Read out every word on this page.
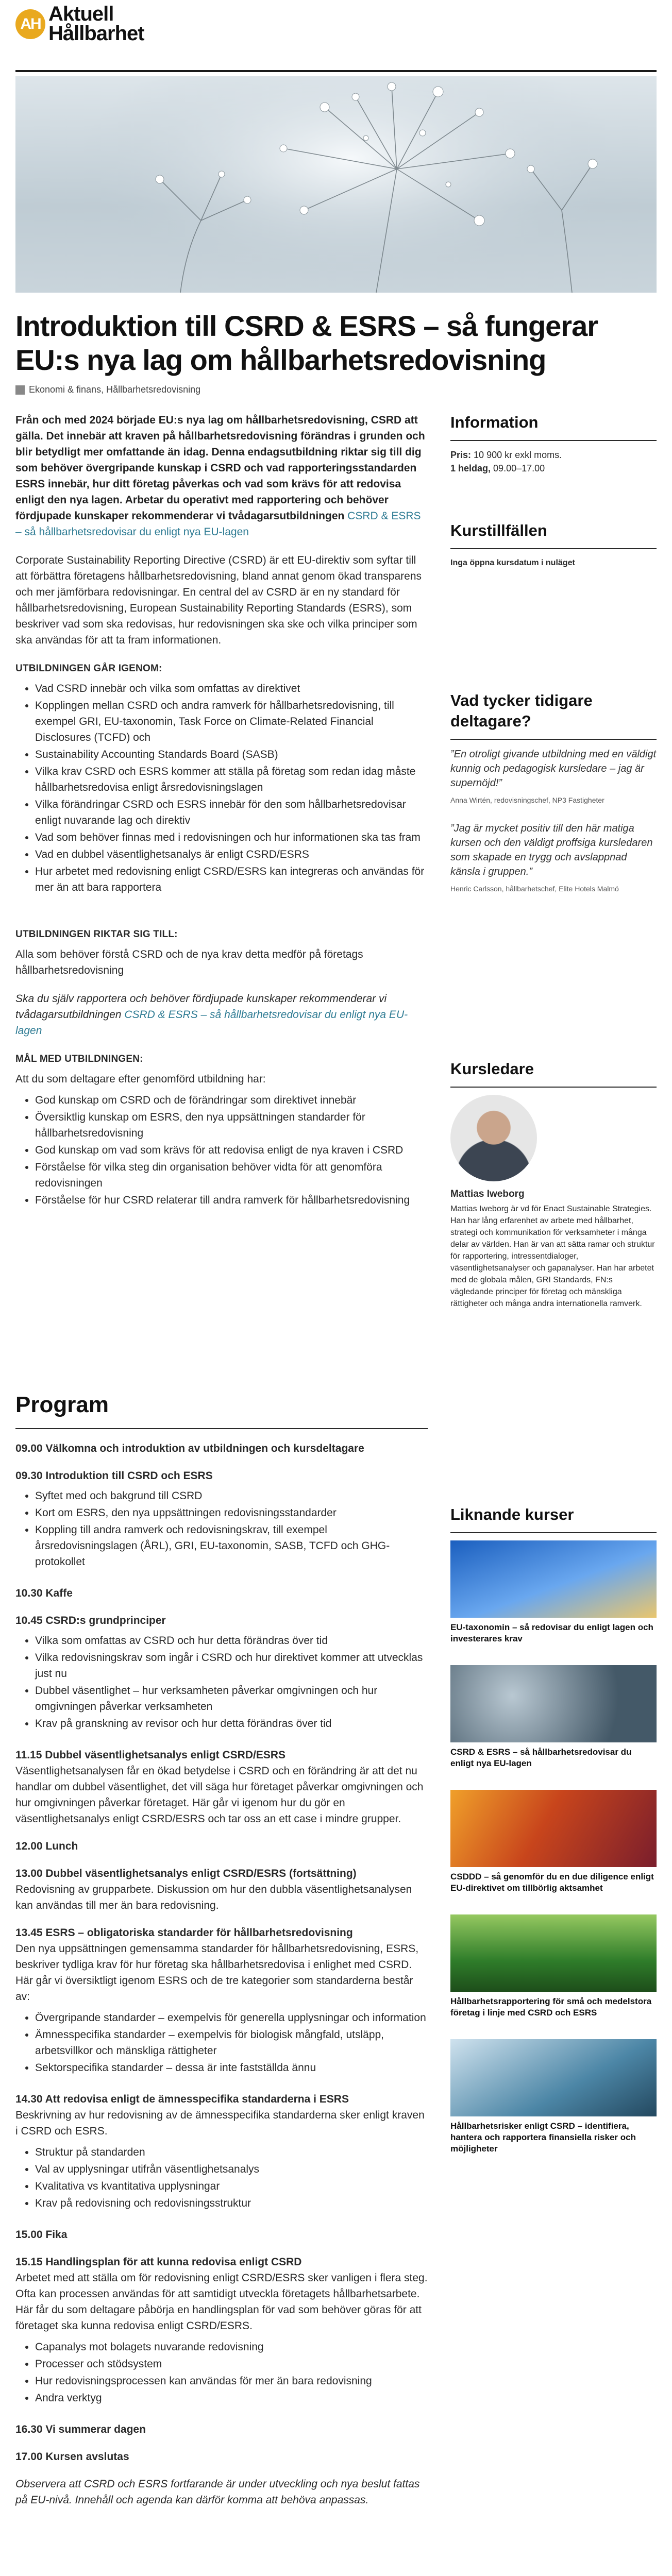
AH Aktuell
Hållbarhet
Introduktion till CSRD & ESRS – så fungerar EU:s nya lag om hållbarhetsredovisning
Ekonomi & finans, Hållbarhetsredovisning

Från och med 2024 började EU:s nya lag om hållbarhetsredovisning, CSRD att gälla. Det innebär att kraven på hållbarhetsredovisning förändras i grunden och blir betydligt mer omfattande än idag. Denna endagsutbildning riktar sig till dig som behöver övergripande kunskap i CSRD och vad rapporteringsstandarden ESRS innebär, hur ditt företag påverkas och vad som krävs för att redovisa enligt den nya lagen. Arbetar du operativt med rapportering och behöver fördjupade kunskaper rekommenderar vi tvådagarsutbildningen CSRD & ESRS – så hållbarhetsredovisar du enligt nya EU-lagen

Corporate Sustainability Reporting Directive (CSRD) är ett EU-direktiv som syftar till att förbättra företagens hållbarhetsredovisning, bland annat genom ökad transparens och mer jämförbara redovisningar. En central del av CSRD är en ny standard för hållbarhetsredovisning, European Sustainability Reporting Standards (ESRS), som beskriver vad som ska redovisas, hur redovisningen ska ske och vilka principer som ska användas för att ta fram informationen.

UTBILDNINGEN GÅR IGENOM:
• Vad CSRD innebär och vilka som omfattas av direktivet
• Kopplingen mellan CSRD och andra ramverk för hållbarhetsredovisning, till exempel GRI, EU-taxonomin, Task Force on Climate-Related Financial Disclosures (TCFD) och
• Sustainability Accounting Standards Board (SASB)
• Vilka krav CSRD och ESRS kommer att ställa på företag som redan idag måste hållbarhetsredovisa enligt årsredovisningslagen
• Vilka förändringar CSRD och ESRS innebär för den som hållbarhetsredovisar enligt nuvarande lag och direktiv
• Vad som behöver finnas med i redovisningen och hur informationen ska tas fram
• Vad en dubbel väsentlighetsanalys är enligt CSRD/ESRS
• Hur arbetet med redovisning enligt CSRD/ESRS kan integreras och användas för mer än att bara rapportera
UTBILDNINGEN RIKTAR SIG TILL:

Alla som behöver förstå CSRD och de nya krav detta medför på företags hållbarhetsredovisning

Ska du själv rapportera och behöver fördjupade kunskaper rekommenderar vi tvådagarsutbildningen CSRD & ESRS – så hållbarhetsredovisar du enligt nya EU-lagen

MÅL MED UTBILDNINGEN:

Att du som deltagare efter genomförd utbildning har:

• God kunskap om CSRD och de förändringar som direktivet innebär
• Översiktlig kunskap om ESRS, den nya uppsättningen standarder för hållbarhetsredovisning
• God kunskap om vad som krävs för att redovisa enligt de nya kraven i CSRD
• Förståelse för vilka steg din organisation behöver vidta för att genomföra redovisningen
• Förståelse för hur CSRD relaterar till andra ramverk för hållbarhetsredovisning
Information
Pris: 10 900 kr exkl moms.
1 heldag, 09.00–17.00
Kurstillfällen
Inga öppna kursdatum i nuläget
Vad tycker tidigare deltagare?
”En otroligt givande utbildning med en väldigt kunnig och pedagogisk kursledare – jag är supernöjd!”
Anna Wirtén, redovisningschef, NP3 Fastigheter
”Jag är mycket positiv till den här matiga kursen och den väldigt proffsiga kursledaren som skapade en trygg och avslappnad känsla i gruppen.”
Henric Carlsson, hållbarhetschef, Elite Hotels Malmö
Kursledare
Mattias Iweborg
Mattias Iweborg är vd för Enact Sustainable Strategies. Han har lång erfarenhet av arbete med hållbarhet, strategi och kommunikation för verksamheter i många delar av världen. Han är van att sätta ramar och struktur för rapportering, intressentdialoger, väsentlighetsanalyser och gapanalyser. Han har arbetet med de globala målen, GRI Standards, FN:s vägledande principer för företag och mänskliga rättigheter och många andra internationella ramverk.
Program
09.00 Välkomna och introduktion av utbildningen och kursdeltagare
09.30 Introduktion till CSRD och ESRS
• Syftet med och bakgrund till CSRD
• Kort om ESRS, den nya uppsättningen redovisningsstandarder
• Koppling till andra ramverk och redovisningskrav, till exempel årsredovisningslagen (ÅRL), GRI, EU-taxonomin, SASB, TCFD och GHG-protokollet
10.30 Kaffe
10.45 CSRD:s grundprinciper
• Vilka som omfattas av CSRD och hur detta förändras över tid
• Vilka redovisningskrav som ingår i CSRD och hur direktivet kommer att utvecklas just nu
• Dubbel väsentlighet – hur verksamheten påverkar omgivningen och hur omgivningen påverkar verksamheten
• Krav på granskning av revisor och hur detta förändras över tid
11.15 Dubbel väsentlighetsanalys enligt CSRD/ESRS

Väsentlighetsanalysen får en ökad betydelse i CSRD och en förändring är att det nu handlar om dubbel väsentlighet, det vill säga hur företaget påverkar omgivningen och hur omgivningen påverkar företaget. Här går vi igenom hur du gör en väsentlighetsanalys enligt CSRD/ESRS och tar oss an ett case i mindre grupper.

12.00 Lunch
13.00 Dubbel väsentlighetsanalys enligt CSRD/ESRS (fortsättning)

Redovisning av grupparbete. Diskussion om hur den dubbla väsentlighetsanalysen kan användas till mer än bara redovisning.

13.45 ESRS – obligatoriska standarder för hållbarhetsredovisning

Den nya uppsättningen gemensamma standarder för hållbarhetsredovisning, ESRS, beskriver tydliga krav för hur företag ska hållbarhetsredovisa i enlighet med CSRD. Här går vi översiktligt igenom ESRS och de tre kategorier som standarderna består av:

• Övergripande standarder – exempelvis för generella upplysningar och information
• Ämnesspecifika standarder – exempelvis för biologisk mångfald, utsläpp, arbetsvillkor och mänskliga rättigheter
• Sektorspecifika standarder – dessa är inte fastställda ännu
14.30 Att redovisa enligt de ämnesspecifika standarderna i ESRS

Beskrivning av hur redovisning av de ämnesspecifika standarderna sker enligt kraven i CSRD och ESRS.

• Struktur på standarden
• Val av upplysningar utifrån väsentlighetsanalys
• Kvalitativa vs kvantitativa upplysningar
• Krav på redovisning och redovisningsstruktur
15.00 Fika
15.15 Handlingsplan för att kunna redovisa enligt CSRD

Arbetet med att ställa om för redovisning enligt CSRD/ESRS sker vanligen i flera steg. Ofta kan processen användas för att samtidigt utveckla företagets hållbarhetsarbete. Här får du som deltagare påbörja en handlingsplan för vad som behöver göras för att företaget ska kunna redovisa enligt CSRD/ESRS.

• Capanalys mot bolagets nuvarande redovisning
• Processer och stödsystem
• Hur redovisningsprocessen kan användas för mer än bara redovisning
• Andra verktyg
16.30 Vi summerar dagen
17.00 Kursen avslutas

Observera att CSRD och ESRS fortfarande är under utveckling och nya beslut fattas på EU-nivå. Innehåll och agenda kan därför komma att behöva anpassas.

Liknande kurser
EU-taxonomin – så redovisar du enligt lagen och investerares krav
CSRD & ESRS – så hållbarhetsredovisar du enligt nya EU-lagen
CSDDD – så genomför du en due diligence enligt EU-direktivet om tillbörlig aktsamhet
Hållbarhetsrapportering för små och medelstora företag i linje med CSRD och ESRS
Hållbarhetsrisker enligt CSRD – identifiera, hantera och rapportera finansiella risker och möjligheter
